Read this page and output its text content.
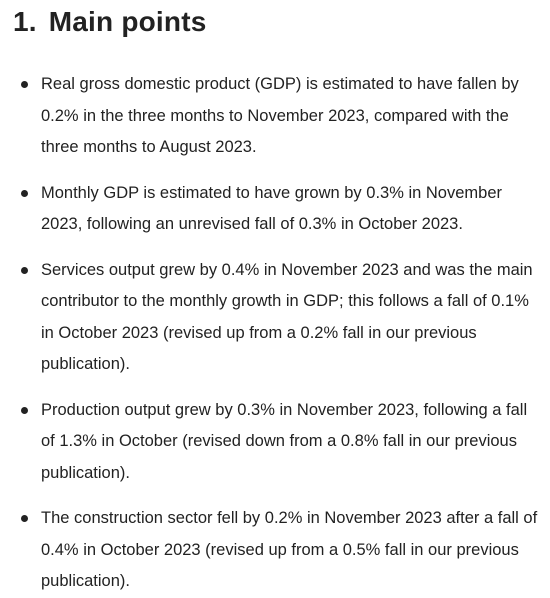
1. Main points
Real gross domestic product (GDP) is estimated to have fallen by 0.2% in the three months to November 2023, compared with the three months to August 2023.
Monthly GDP is estimated to have grown by 0.3% in November 2023, following an unrevised fall of 0.3% in October 2023.
Services output grew by 0.4% in November 2023 and was the main contributor to the monthly growth in GDP; this follows a fall of 0.1% in October 2023 (revised up from a 0.2% fall in our previous publication).
Production output grew by 0.3% in November 2023, following a fall of 1.3% in October (revised down from a 0.8% fall in our previous publication).
The construction sector fell by 0.2% in November 2023 after a fall of 0.4% in October 2023 (revised up from a 0.5% fall in our previous publication).
